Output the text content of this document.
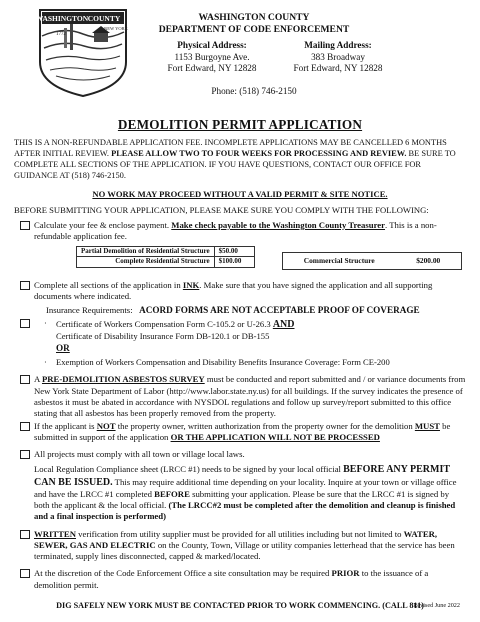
WASHINGTON COUNTY
1772
NEW YORK
WASHINGTON COUNTY
DEPARTMENT OF CODE ENFORCEMENT
Physical Address:
1153 Burgoyne Ave.
Fort Edward, NY 12828
Mailing Address:
383 Broadway
Fort Edward, NY 12828
Phone: (518) 746-2150
DEMOLITION PERMIT APPLICATION
THIS IS A NON-REFUNDABLE APPLICATION FEE. INCOMPLETE APPLICATIONS MAY BE CANCELLED 6 MONTHS AFTER INITIAL REVIEW. PLEASE ALLOW TWO TO FOUR WEEKS FOR PROCESSING AND REVIEW. BE SURE TO COMPLETE ALL SECTIONS OF THE APPLICATION. IF YOU HAVE QUESTIONS, CONTACT OUR OFFICE FOR GUIDANCE AT (518) 746-2150.
NO WORK MAY PROCEED WITHOUT A VALID PERMIT & SITE NOTICE.
BEFORE SUBMITTING YOUR APPLICATION, PLEASE MAKE SURE YOU COMPLY WITH THE FOLLOWING:
Calculate your fee & enclose payment. Make check payable to the Washington County Treasurer. This is a non-refundable application fee.
Partial Demolition of Residential Structure	$50.00
Complete Residential Structure	$100.00	Commercial Structure	$200.00
Complete all sections of the application in INK. Make sure that you have signed the application and all supporting documents where indicated.
Insurance Requirements: ACORD FORMS ARE NOT ACCEPTABLE PROOF OF COVERAGE
· Certificate of Workers Compensation Form C-105.2 or U-26.3 AND
Certificate of Disability Insurance Form DB-120.1 or DB-155
OR
· Exemption of Workers Compensation and Disability Benefits Insurance Coverage: Form CE-200
A PRE-DEMOLITION ASBESTOS SURVEY must be conducted and report submitted and / or variance documents from New York State Department of Labor (http://www.labor.state.ny.us) for all buildings. If the survey indicates the presence of asbestos it must be abated in accordance with NYSDOL regulations and follow up survey/report submitted to this office stating that all asbestos has been properly removed from the property.
If the applicant is NOT the property owner, written authorization from the property owner for the demolition MUST be submitted in support of the application OR THE APPLICATION WILL NOT BE PROCESSED
All projects must comply with all town or village local laws.
Local Regulation Compliance sheet (LRCC #1) needs to be signed by your local official BEFORE ANY PERMIT CAN BE ISSUED. This may require additional time depending on your locality. Inquire at your town or village office and have the LRCC #1 completed BEFORE submitting your application. Please be sure that the LRCC #1 is signed by both the applicant & the local official. (The LRCC#2 must be completed after the demolition and cleanup is finished and a final inspection is performed)
WRITTEN verification from utility supplier must be provided for all utilities including but not limited to WATER, SEWER, GAS AND ELECTRIC on the County, Town, Village or utility companies letterhead that the service has been terminated, supply lines disconnected, capped & marked/located.
At the discretion of the Code Enforcement Office a site consultation may be required PRIOR to the issuance of a demolition permit.
DIG SAFELY NEW YORK MUST BE CONTACTED PRIOR TO WORK COMMENCING. (CALL 811)
Revised June 2022
